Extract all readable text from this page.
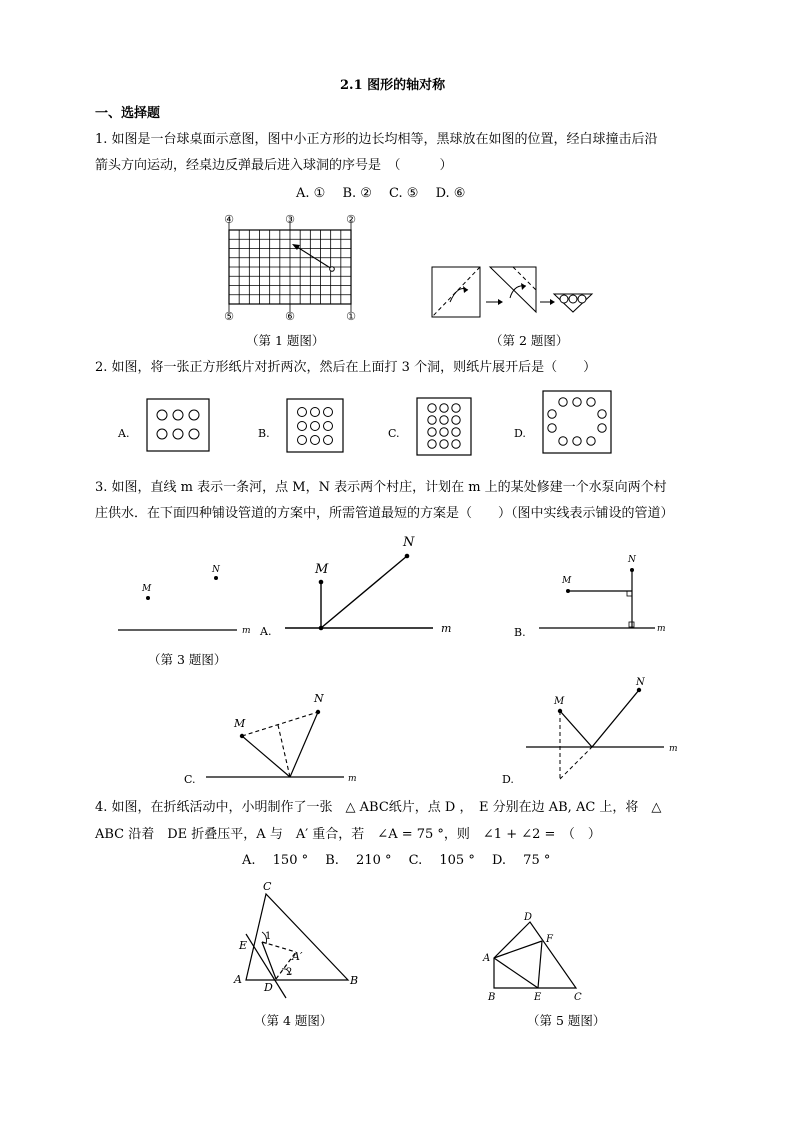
2.1 图形的轴对称
一、选择题
1. 如图是一台球桌面示意图，图中小正方形的边长均相等，黑球放在如图的位置，经白球撞击后沿
箭头方向运动，经桌边反弹最后进入球洞的序号是　（　　　）
A. ①　 B. ②　 C. ⑤　 D. ⑥
④	③	②
⑤	⑥	①
（第 1 题图）	（第 2 题图）
2. 如图，将一张正方形纸片对折两次，然后在上面打 3 个洞，则纸片展开后是（　　）
A.	B.	C.	D.
3. 如图，直线 m 表示一条河，点 M，N 表示两个村庄，计划在 m 上的某处修建一个水泵向两个村
庄供水．在下面四种铺设管道的方案中，所需管道最短的方案是（　　）（图中实线表示铺设的管道）
M
N
m
（第 3 题图）
A.
M
N
m	B.
M
N
m
C.
M
N
m	D.
M
N
m
4. 如图，在折纸活动中，小明制作了一张　△ ABC纸片，点 D ，　E 分别在边 AB, AC 上，将　△
ABC 沿着　DE 折叠压平，A 与　A′ 重合，若　∠A = 75 °，则　∠1 + ∠2 =　（　）
A.　 150 °　 B.　 210 °　 C.　 105 °　 D.　 75 °
C
E
A
D
B
A′
1
2
（第 4 题图）
D
F
A
B	E	C
（第 5 题图）
